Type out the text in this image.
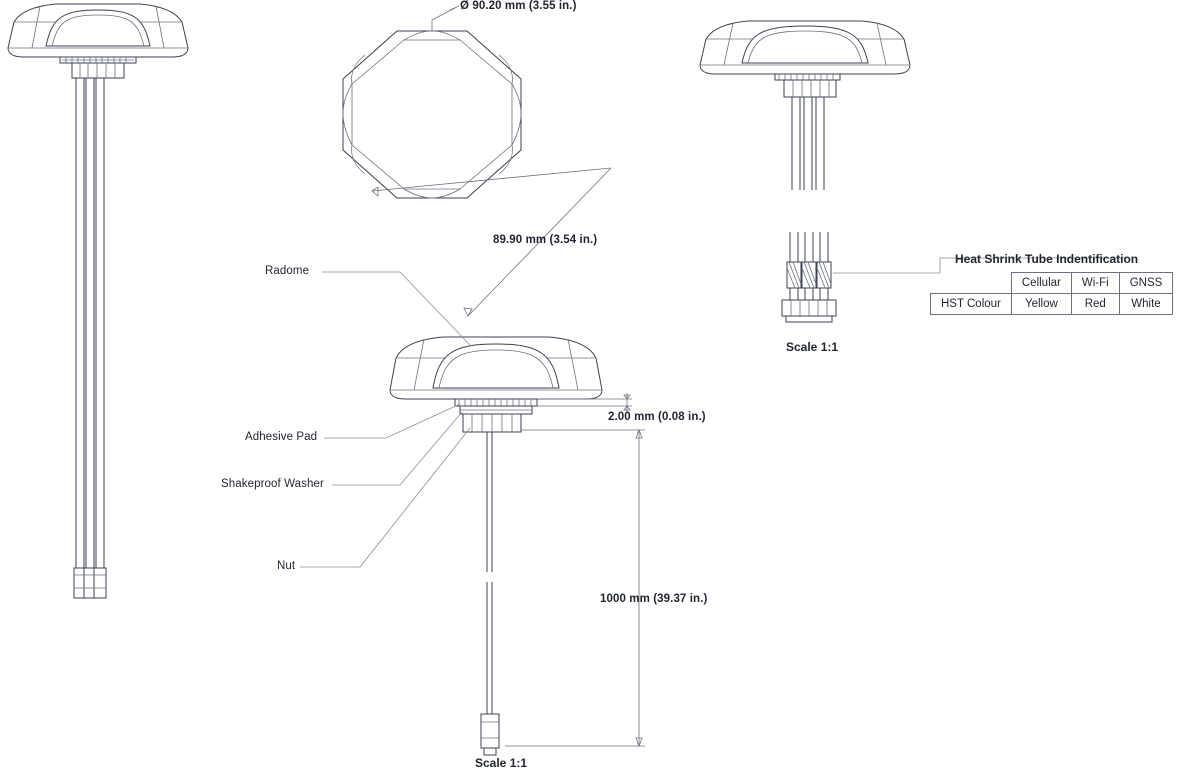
Ø 90.20 mm (3.55 in.)
89.90 mm (3.54 in.)
2.00 mm (0.08 in.)
1000 mm (39.37 in.)
Radome
Adhesive Pad
Shakeproof Washer
Nut
Scale 1:1
Scale 1:1
Heat Shrink Tube Indentification
	Cellular	Wi-Fi	GNSS
HST Colour	Yellow	Red	White
